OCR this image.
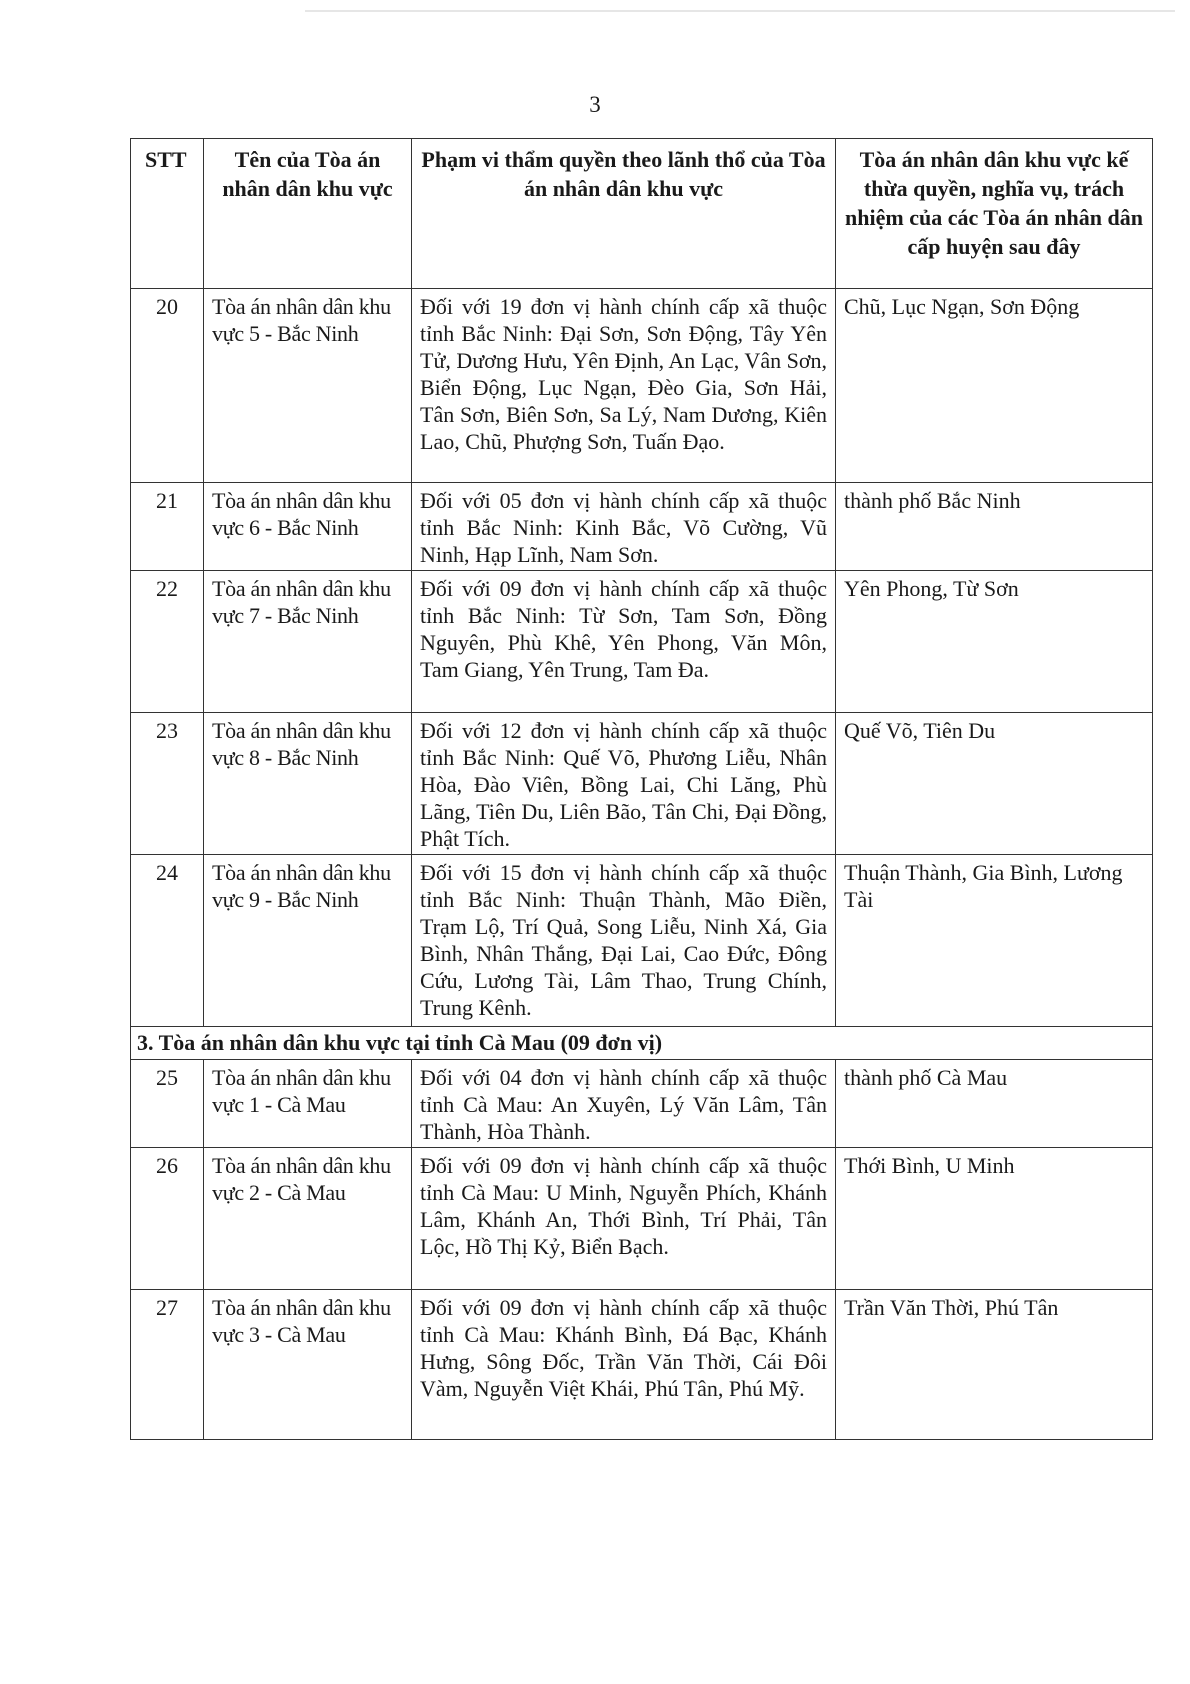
3
STT	Tên của Tòa án nhân dân khu vực	Phạm vi thẩm quyền theo lãnh thổ của Tòa án nhân dân khu vực	Tòa án nhân dân khu vực kế thừa quyền, nghĩa vụ, trách nhiệm của các Tòa án nhân dân cấp huyện sau đây
20	Tòa án nhân dân khu vực 5 - Bắc Ninh	Đối với 19 đơn vị hành chính cấp xã thuộc tỉnh Bắc Ninh: Đại Sơn, Sơn Động, Tây Yên Tử, Dương Hưu, Yên Định, An Lạc, Vân Sơn, Biển Động, Lục Ngạn, Đèo Gia, Sơn Hải, Tân Sơn, Biên Sơn, Sa Lý, Nam Dương, Kiên Lao, Chũ, Phượng Sơn, Tuấn Đạo.	Chũ, Lục Ngạn, Sơn Động
21	Tòa án nhân dân khu vực 6 - Bắc Ninh	Đối với 05 đơn vị hành chính cấp xã thuộc tỉnh Bắc Ninh: Kinh Bắc, Võ Cường, Vũ Ninh, Hạp Lĩnh, Nam Sơn.	thành phố Bắc Ninh
22	Tòa án nhân dân khu vực 7 - Bắc Ninh	Đối với 09 đơn vị hành chính cấp xã thuộc tỉnh Bắc Ninh: Từ Sơn, Tam Sơn, Đồng Nguyên, Phù Khê, Yên Phong, Văn Môn, Tam Giang, Yên Trung, Tam Đa.	Yên Phong, Từ Sơn
23	Tòa án nhân dân khu vực 8 - Bắc Ninh	Đối với 12 đơn vị hành chính cấp xã thuộc tỉnh Bắc Ninh: Quế Võ, Phương Liễu, Nhân Hòa, Đào Viên, Bồng Lai, Chi Lăng, Phù Lãng, Tiên Du, Liên Bão, Tân Chi, Đại Đồng, Phật Tích.	Quế Võ, Tiên Du
24	Tòa án nhân dân khu vực 9 - Bắc Ninh	Đối với 15 đơn vị hành chính cấp xã thuộc tỉnh Bắc Ninh: Thuận Thành, Mão Điền, Trạm Lộ, Trí Quả, Song Liễu, Ninh Xá, Gia Bình, Nhân Thắng, Đại Lai, Cao Đức, Đông Cứu, Lương Tài, Lâm Thao, Trung Chính, Trung Kênh.	Thuận Thành, Gia Bình, Lương Tài
3. Tòa án nhân dân khu vực tại tỉnh Cà Mau (09 đơn vị)			
25	Tòa án nhân dân khu vực 1 - Cà Mau	Đối với 04 đơn vị hành chính cấp xã thuộc tỉnh Cà Mau: An Xuyên, Lý Văn Lâm, Tân Thành, Hòa Thành.	thành phố Cà Mau
26	Tòa án nhân dân khu vực 2 - Cà Mau	Đối với 09 đơn vị hành chính cấp xã thuộc tỉnh Cà Mau: U Minh, Nguyễn Phích, Khánh Lâm, Khánh An, Thới Bình, Trí Phải, Tân Lộc, Hồ Thị Kỷ, Biển Bạch.	Thới Bình, U Minh
27	Tòa án nhân dân khu vực 3 - Cà Mau	Đối với 09 đơn vị hành chính cấp xã thuộc tỉnh Cà Mau: Khánh Bình, Đá Bạc, Khánh Hưng, Sông Đốc, Trần Văn Thời, Cái Đôi Vàm, Nguyễn Việt Khái, Phú Tân, Phú Mỹ.	Trần Văn Thời, Phú Tân
